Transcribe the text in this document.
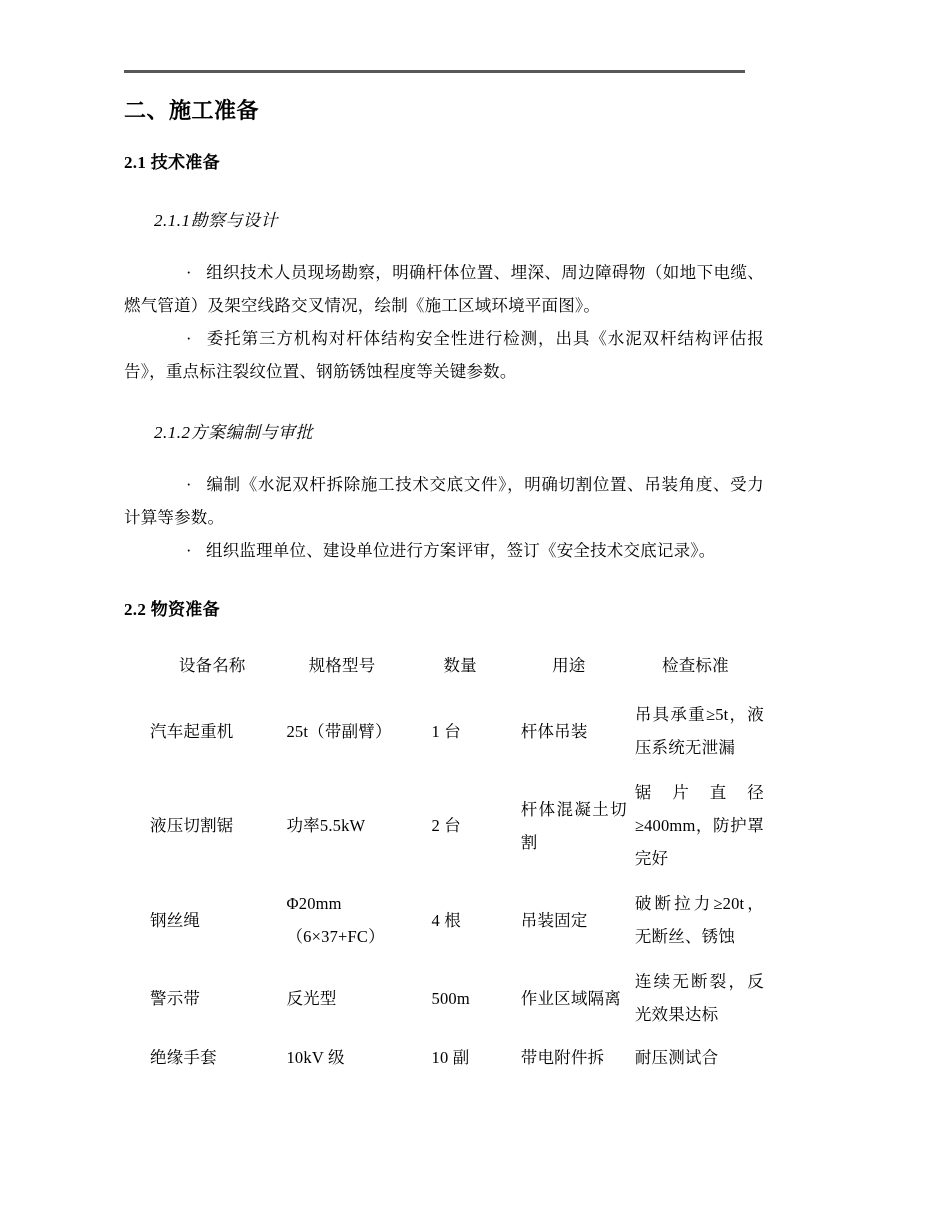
二、施工准备
2.1 技术准备
2.1.1勘察与设计

· 组织技术人员现场勘察，明确杆体位置、埋深、周边障碍物（如地下电缆、燃气管道）及架空线路交叉情况，绘制《施工区域环境平面图》。

· 委托第三方机构对杆体结构安全性进行检测，出具《水泥双杆结构评估报告》，重点标注裂纹位置、钢筋锈蚀程度等关键参数。

2.1.2方案编制与审批

· 编制《水泥双杆拆除施工技术交底文件》，明确切割位置、吊装角度、受力计算等参数。

· 组织监理单位、建设单位进行方案评审，签订《安全技术交底记录》。

2.2 物资准备
设备名称	规格型号	数量	用途	检查标准
汽车起重机	25t（带副臂）	1 台	杆体吊装	吊具承重≥5t，液压系统无泄漏
液压切割锯	功率5.5kW	2 台	杆体混凝土切割	锯片直径≥400mm，防护罩完好
钢丝绳	Φ20mm（6×37+FC）	4 根	吊装固定	破断拉力≥20t，无断丝、锈蚀
警示带	反光型	500m	作业区域隔离	连续无断裂，反光效果达标
绝缘手套	10kV 级	10 副	带电附件拆	耐压测试合
